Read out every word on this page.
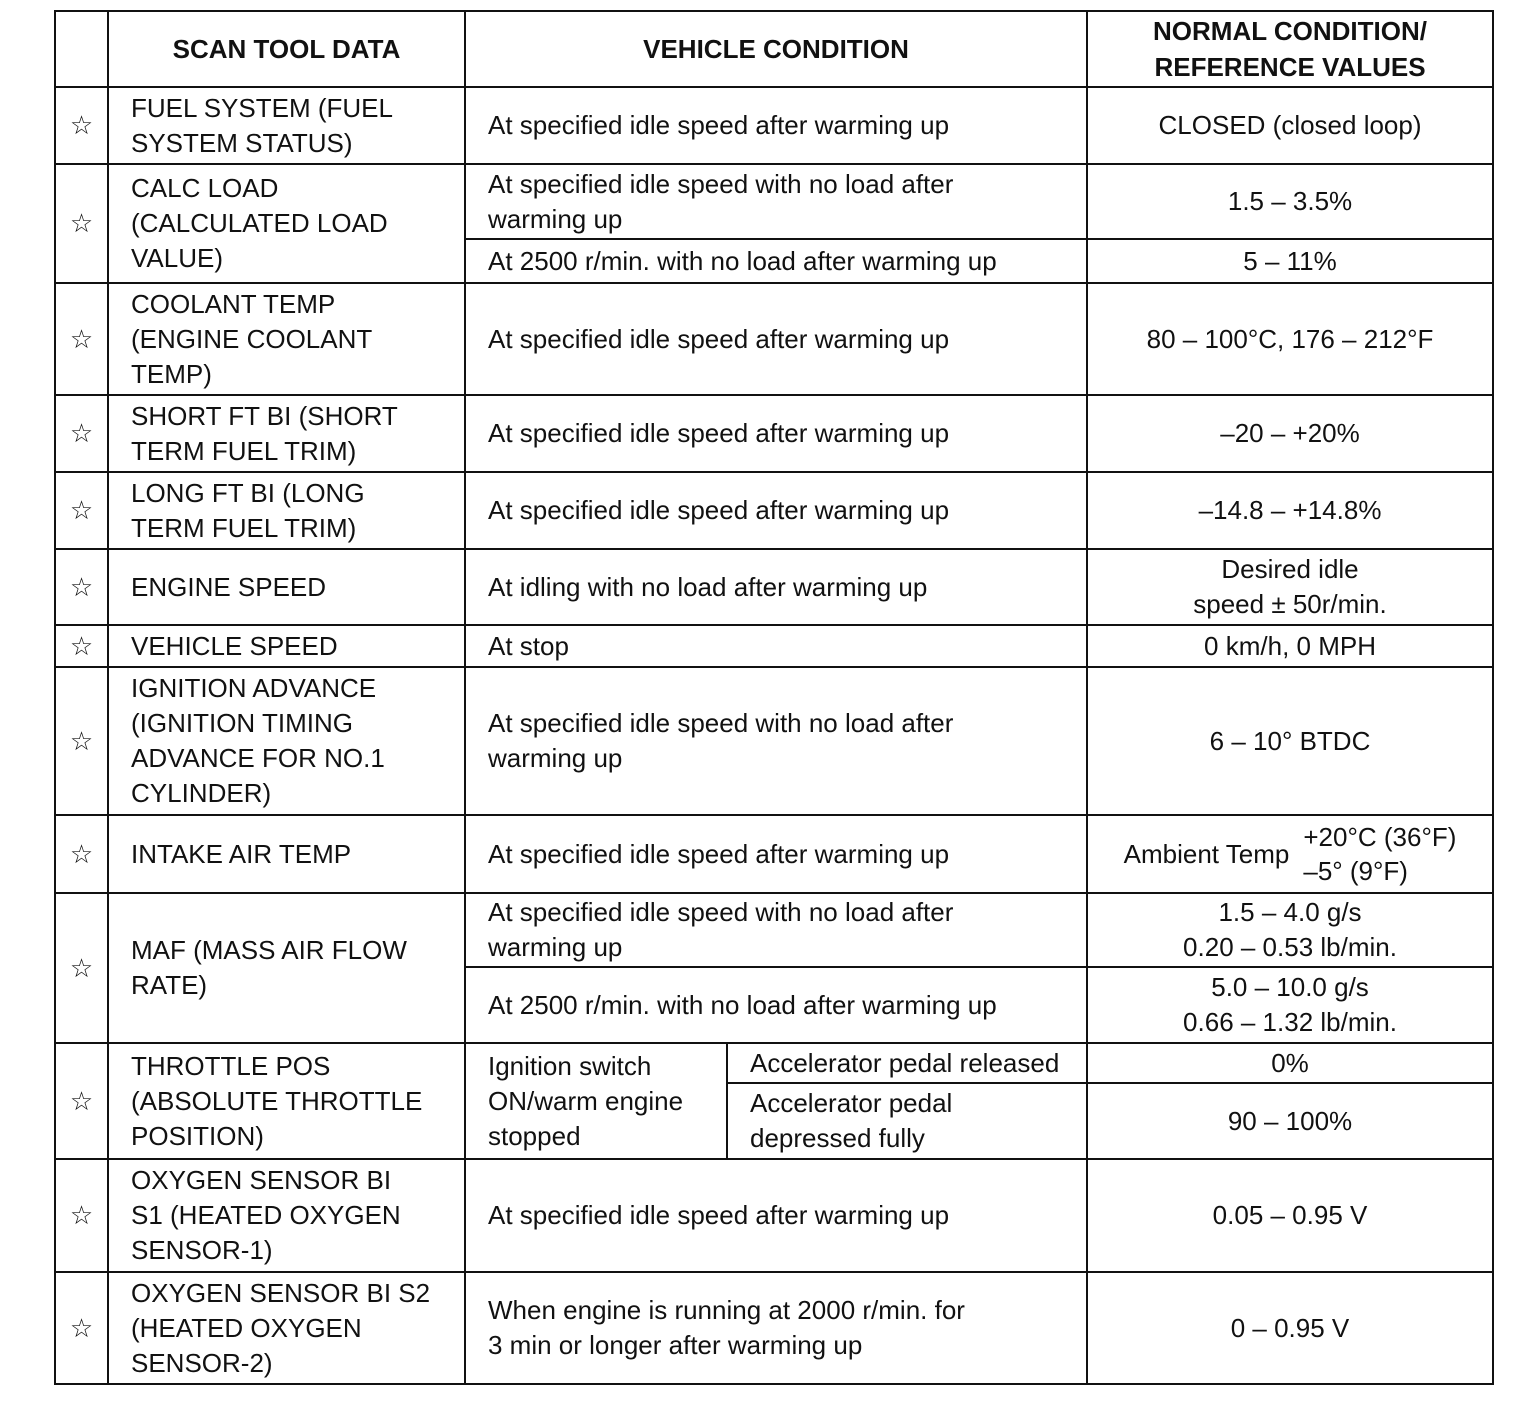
	SCAN TOOL DATA	VEHICLE CONDITION		NORMAL CONDITION/
REFERENCE VALUES
☆	FUEL SYSTEM (FUEL
SYSTEM STATUS)	At specified idle speed after warming up		CLOSED (closed loop)
☆	CALC LOAD
(CALCULATED LOAD
VALUE)	At specified idle speed with no load after
warming up		1.5 – 3.5%
		At 2500 r/min. with no load after warming up		5 – 11%
☆	COOLANT TEMP
(ENGINE COOLANT
TEMP)	At specified idle speed after warming up		80 – 100°C, 176 – 212°F
☆	SHORT FT BI (SHORT
TERM FUEL TRIM)	At specified idle speed after warming up		–20 – +20%
☆	LONG FT BI (LONG
TERM FUEL TRIM)	At specified idle speed after warming up		–14.8 – +14.8%
☆	ENGINE SPEED	At idling with no load after warming up		Desired idle
speed ± 50r/min.
☆	VEHICLE SPEED	At stop		0 km/h, 0 MPH
☆	IGNITION ADVANCE
(IGNITION TIMING
ADVANCE FOR NO.1
CYLINDER)	At specified idle speed with no load after
warming up		6 – 10° BTDC
☆	INTAKE AIR TEMP	At specified idle speed after warming up		Ambient Temp
+20°C (36°F)
–5° (9°F)

☆	MAF (MASS AIR FLOW
RATE)	At specified idle speed with no load after
warming up		1.5 – 4.0 g/s
0.20 – 0.53 lb/min.
		At 2500 r/min. with no load after warming up		5.0 – 10.0 g/s
0.66 – 1.32 lb/min.
☆	THROTTLE POS
(ABSOLUTE THROTTLE
POSITION)	Ignition switch
ON/warm engine
stopped	Accelerator pedal released	0%
			Accelerator pedal
depressed fully	90 – 100%
☆	OXYGEN SENSOR BI
S1 (HEATED OXYGEN
SENSOR-1)	At specified idle speed after warming up		0.05 – 0.95 V
☆	OXYGEN SENSOR BI S2
(HEATED OXYGEN
SENSOR-2)	When engine is running at 2000 r/min. for
3 min or longer after warming up		0 – 0.95 V
